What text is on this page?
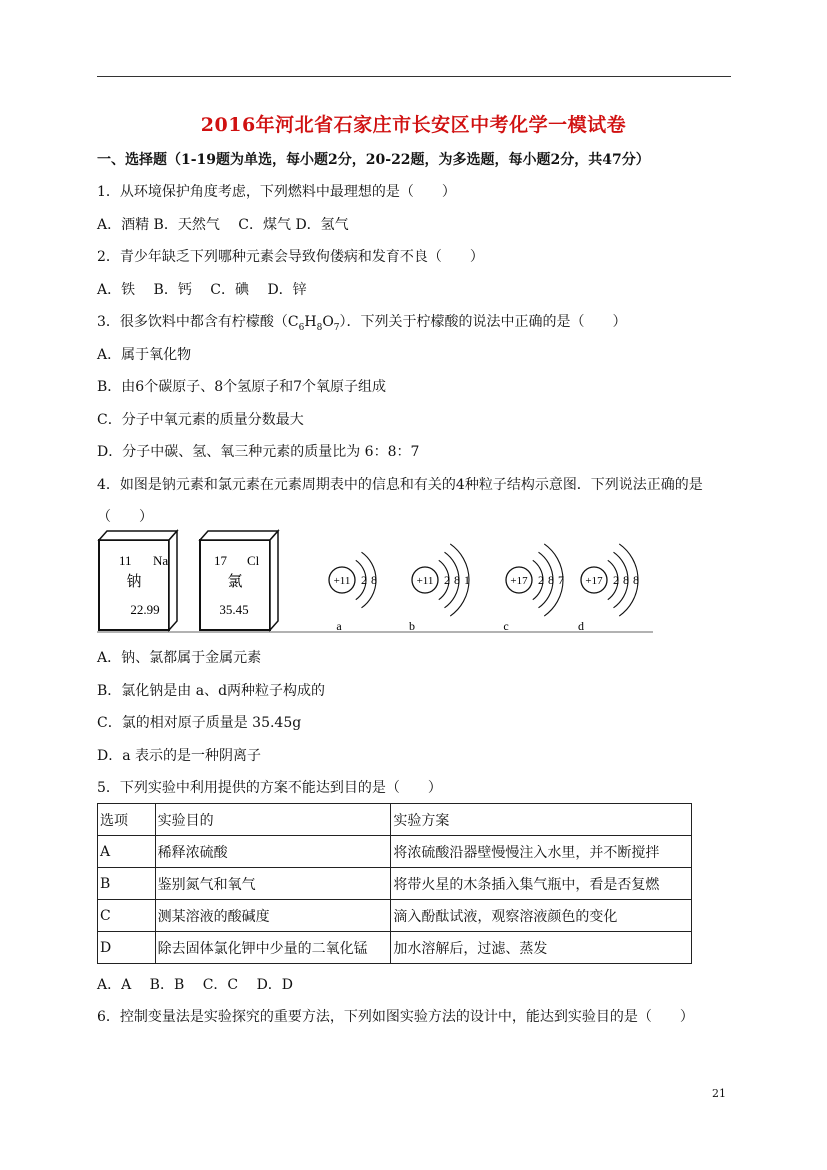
2016年河北省石家庄市长安区中考化学一模试卷
一、选择题（1-19题为单选，每小题2分，20-22题，为多选题，每小题2分，共47分）
1．从环境保护角度考虑，下列燃料中最理想的是（　　）
A．酒精 B．天然气　 C．煤气 D．氢气
2．青少年缺乏下列哪种元素会导致佝偻病和发育不良（　　）
A．铁　 B．钙　 C．碘　 D．锌
3．很多饮料中都含有柠檬酸$(C_6H_8O_7)$．下列关于柠檬酸的说法中正确的是（　　）
A．属于氧化物
B．由6个碳原子、8个氢原子和7个氧原子组成
C．分子中氧元素的质量分数最大
D．分子中碳、氢、氧三种元素的质量比为 6：8：7
4．如图是钠元素和氯元素在元素周期表中的信息和有关的4种粒子结构示意图．下列说法正确的是
（　　）
11 Na
钠
22.99
17 Cl
氯
35.45
+11 2 8
a
+11 2 8 1
b
+17 2 8 7
c
+17 2 8 8
d
A．钠、氯都属于金属元素
B．氯化钠是由 a、d两种粒子构成的
C．氯的相对原子质量是 35.45g
D．a 表示的是一种阴离子
5．下列实验中利用提供的方案不能达到目的是（　　）
选项	实验目的	实验方案
A	稀释浓硫酸	将浓硫酸沿器壁慢慢注入水里，并不断搅拌
B	鉴别氮气和氧气	将带火星的木条插入集气瓶中，看是否复燃
C	测某溶液的酸碱度	滴入酚酞试液，观察溶液颜色的变化
D	除去固体氯化钾中少量的二氧化锰	加水溶解后，过滤、蒸发
A．A　 B．B　 C．C　 D．D
6．控制变量法是实验探究的重要方法，下列如图实验方法的设计中，能达到实验目的是（　　）
21
